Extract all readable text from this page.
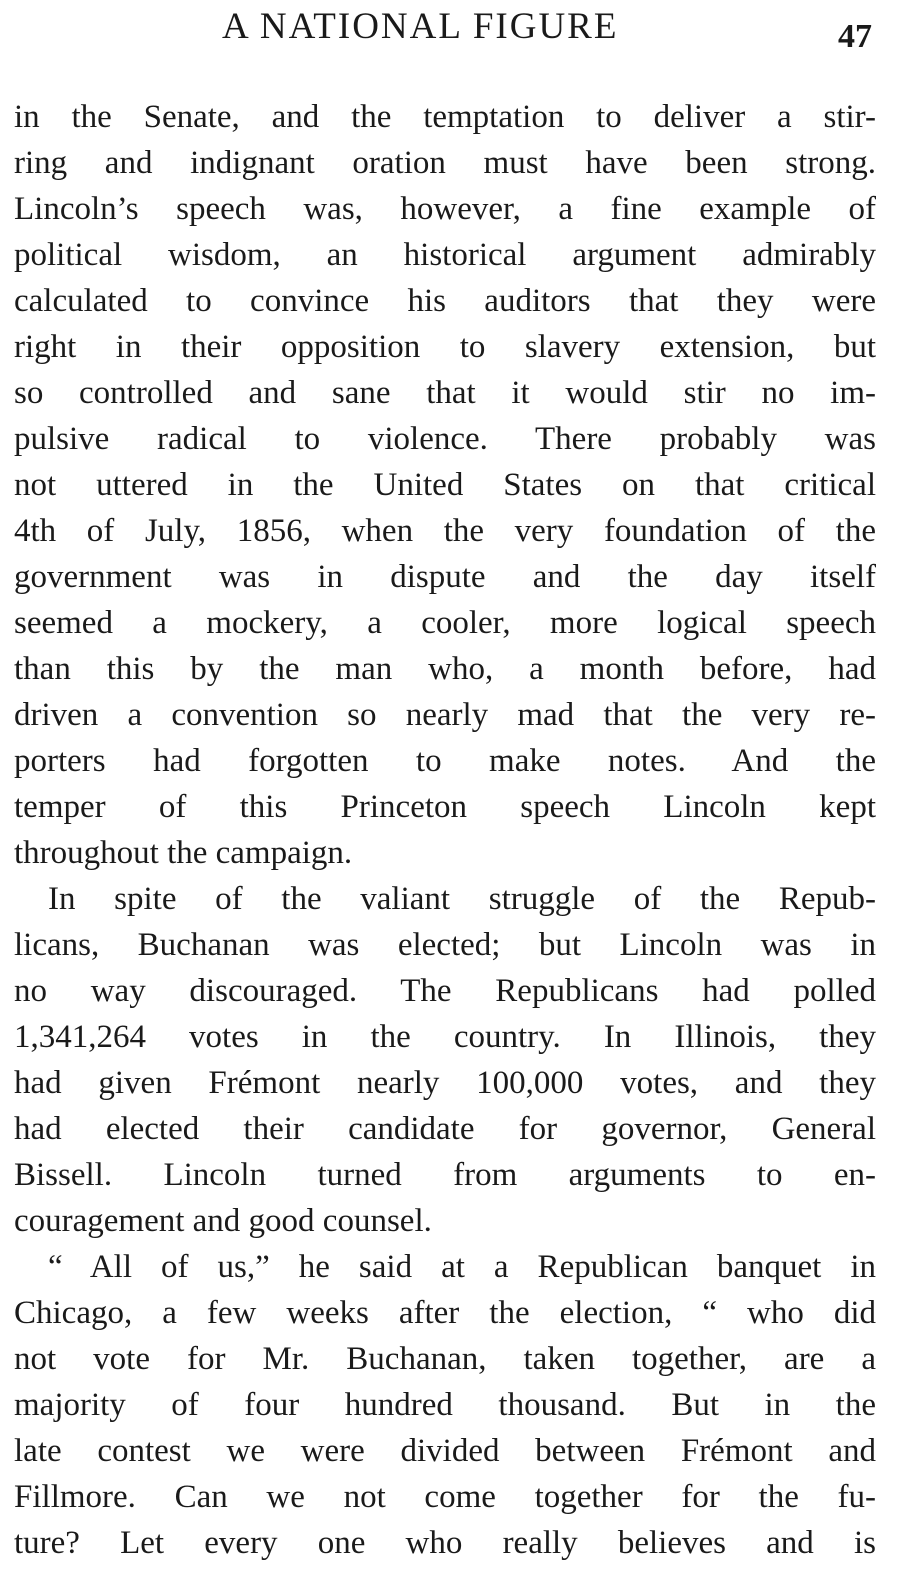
A NATIONAL FIGURE	47
in the Senate, and the temptation to deliver a stir-
ring and indignant oration must have been strong.
Lincoln’s speech was, however, a fine example of
political wisdom, an historical argument admirably
calculated to convince his auditors that they were
right in their opposition to slavery extension, but
so controlled and sane that it would stir no im-
pulsive radical to violence. There probably was
not uttered in the United States on that critical
4th of July, 1856, when the very foundation of the
government was in dispute and the day itself
seemed a mockery, a cooler, more logical speech
than this by the man who, a month before, had
driven a convention so nearly mad that the very re-
porters had forgotten to make notes. And the
temper of this Princeton speech Lincoln kept
throughout the campaign.
In spite of the valiant struggle of the Repub-
licans, Buchanan was elected; but Lincoln was in
no way discouraged. The Republicans had polled
1,341,264 votes in the country. In Illinois, they
had given Frémont nearly 100,000 votes, and they
had elected their candidate for governor, General
Bissell. Lincoln turned from arguments to en-
couragement and good counsel.
“ All of us,” he said at a Republican banquet in
Chicago, a few weeks after the election, “ who did
not vote for Mr. Buchanan, taken together, are a
majority of four hundred thousand. But in the
late contest we were divided between Frémont and
Fillmore. Can we not come together for the fu-
ture? Let every one who really believes and is
